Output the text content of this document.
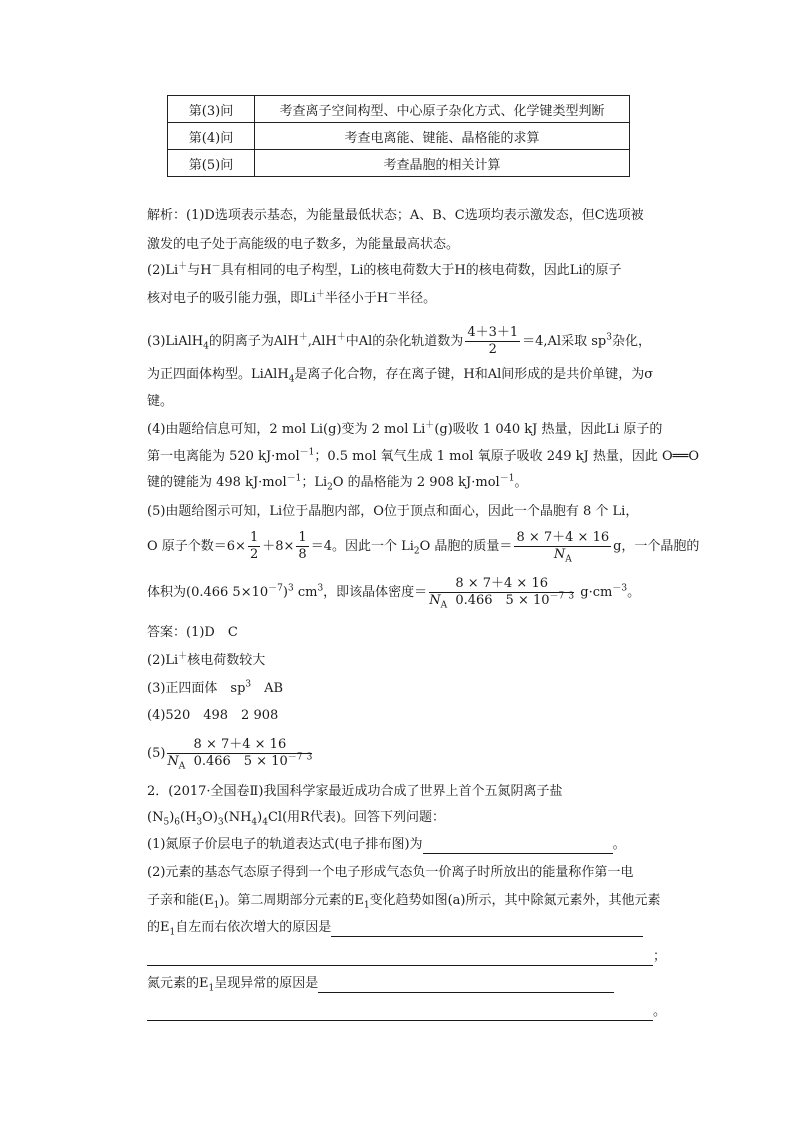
第(3)问	考查离子空间构型、中心原子杂化方式、化学键类型判断
第(4)问	考查电离能、键能、晶格能的求算
第(5)问	考查晶胞的相关计算
解析：(1)D选项表示基态，为能量最低状态；A、B、C选项均表示激发态，但C选项被
激发的电子处于高能级的电子数多，为能量最高状态。
(2)Li＋与H－具有相同的电子构型，Li的核电荷数大于H的核电荷数，因此Li的原子
核对电子的吸引能力强，即Li＋半径小于H－半径。
(3)LiAlH$_4$的阴离子为AlH＋,AlH＋中Al的杂化轨道数为 $\frac{4+3+1}{2} =4,Al$采取 $sp^3$杂化，
为正四面体构型。LiAlH$_4$是离子化合物，存在离子键，H和Al间形成的是共价单键，为σ
键。
(4)由题给信息可知，2 mol Li(g)变为 2 mol Li＋(g)吸收 1 040 kJ 热量，因此Li 原子的
第一电离能为 520 kJ·mol$^{-1}$；0.5 mol 氧气生成 1 mol 氧原子吸收 249 kJ 热量，因此 O══O
键的键能为 498 kJ·mol$^{-1}$；$Li_2O$ 的晶格能为 2 908 kJ·mol$^{-1}$。
(5)由题给图示可知，Li位于晶胞内部，O位于顶点和面心，因此一个晶胞有 8 个 Li，
O 原子个数$=6\times \frac{1}{2} +8\times \frac{1}{8} =4$。因此一个 $Li_2O$ 晶胞的质量＝ $\frac{8 \times 7+4 \times 16}{N_A}$ g，一个晶胞的
体积为(0.466 $5\times 10^{-7})^3$ $cm^3$，即该晶体密度＝ $\frac{8 \times 7+4 \times 16}{N_A 0.466 5 \times 10^{-7} ^3} g\cdot cm^{-3}$。
答案：(1)D　C
(2)Li＋核电荷数较大
(3)正四面体　$sp^3$　AB
(4)520　498　2 908
$(5) \frac{8 \times 7+4 \times 16}{N_A 0.466 5 \times 10^{-7} ^3}$
2．(2017·全国卷Ⅱ)我国科学家最近成功合成了世界上首个五氮阴离子盐
$(N_5)_6(H_3O)_3(NH_4)_4Cl$(用R代表)。回答下列问题：
(1)氮原子价层电子的轨道表达式(电子排布图)为	。
(2)元素的基态气态原子得到一个电子形成气态负一价离子时所放出的能量称作第一电
子亲和能$(E_1)$。第二周期部分元素的$E_1$变化趋势如图(a)所示，其中除氮元素外，其他元素
的$E_1$自左而右依次增大的原因是
；
氮元素的$E_1$呈现异常的原因是
。
